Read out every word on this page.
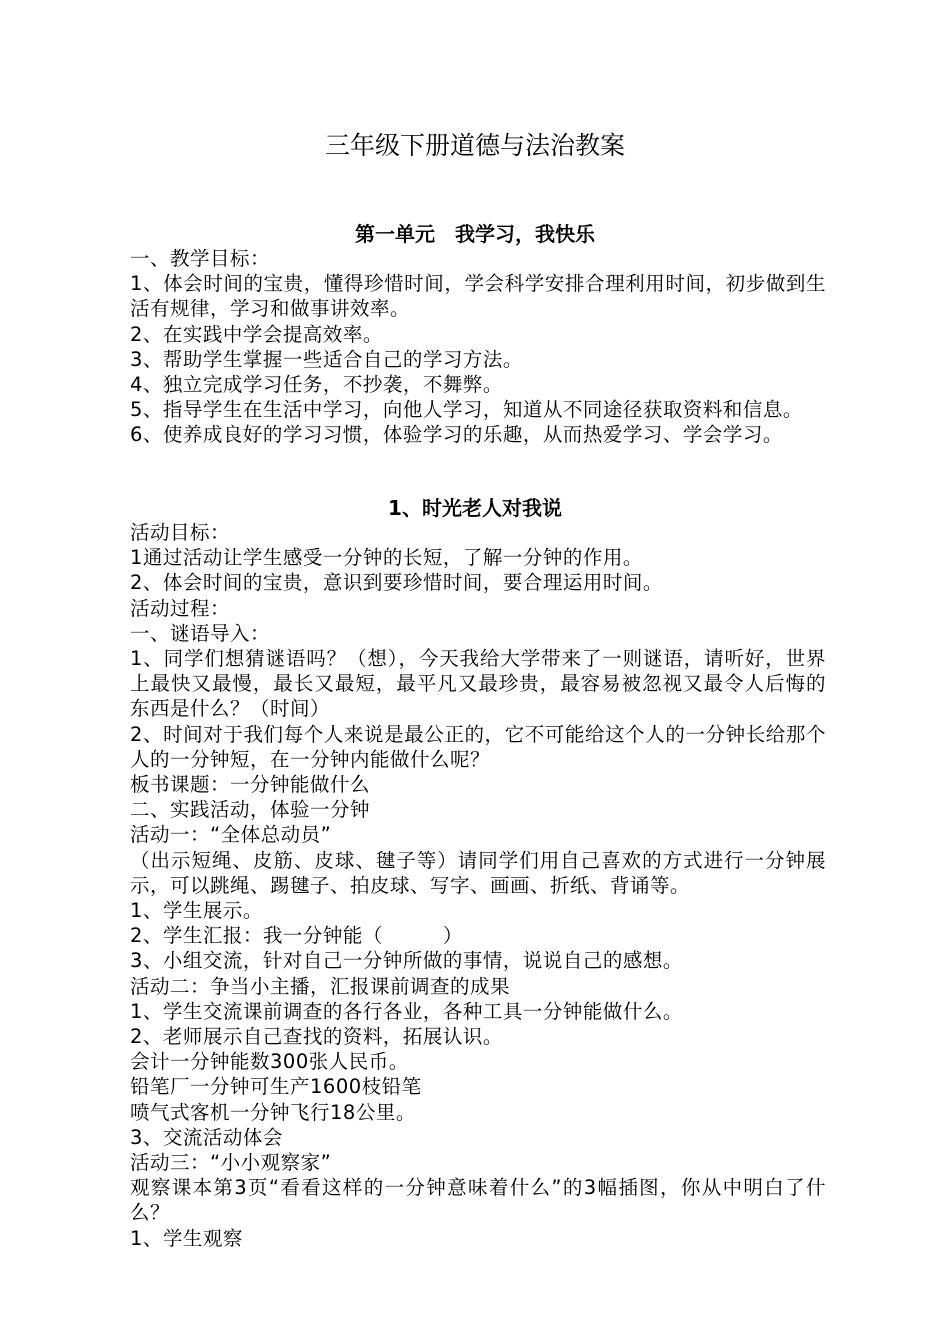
三年级下册道德与法治教案
第一单元　我学习，我快乐

一、教学目标：

1、体会时间的宝贵，懂得珍惜时间，学会科学安排合理利用时间，初步做到生活有规律，学习和做事讲效率。

2、在实践中学会提高效率。

3、帮助学生掌握一些适合自己的学习方法。

4、独立完成学习任务，不抄袭，不舞弊。

5、指导学生在生活中学习，向他人学习，知道从不同途径获取资料和信息。

6、使养成良好的学习习惯，体验学习的乐趣，从而热爱学习、学会学习。

1、时光老人对我说

活动目标：

1通过活动让学生感受一分钟的长短，了解一分钟的作用。

2、体会时间的宝贵，意识到要珍惜时间，要合理运用时间。

活动过程：

一、谜语导入：

1、同学们想猜谜语吗？（想），今天我给大学带来了一则谜语，请听好，世界上最快又最慢，最长又最短，最平凡又最珍贵，最容易被忽视又最令人后悔的东西是什么？（时间）

2、时间对于我们每个人来说是最公正的，它不可能给这个人的一分钟长给那个人的一分钟短，在一分钟内能做什么呢？

板书课题：一分钟能做什么

二、实践活动，体验一分钟

活动一：“全体总动员”

（出示短绳、皮筋、皮球、毽子等）请同学们用自己喜欢的方式进行一分钟展示，可以跳绳、踢毽子、拍皮球、写字、画画、折纸、背诵等。

1、学生展示。

2、学生汇报：我一分钟能（　　　）

3、小组交流，针对自己一分钟所做的事情，说说自己的感想。

活动二：争当小主播，汇报课前调查的成果

1、学生交流课前调查的各行各业，各种工具一分钟能做什么。

2、老师展示自己查找的资料，拓展认识。

会计一分钟能数300张人民币。

铅笔厂一分钟可生产1600枝铅笔

喷气式客机一分钟飞行18公里。

3、交流活动体会

活动三：“小小观察家”

观察课本第3页“看看这样的一分钟意味着什么”的3幅插图，你从中明白了什么？

1、学生观察
